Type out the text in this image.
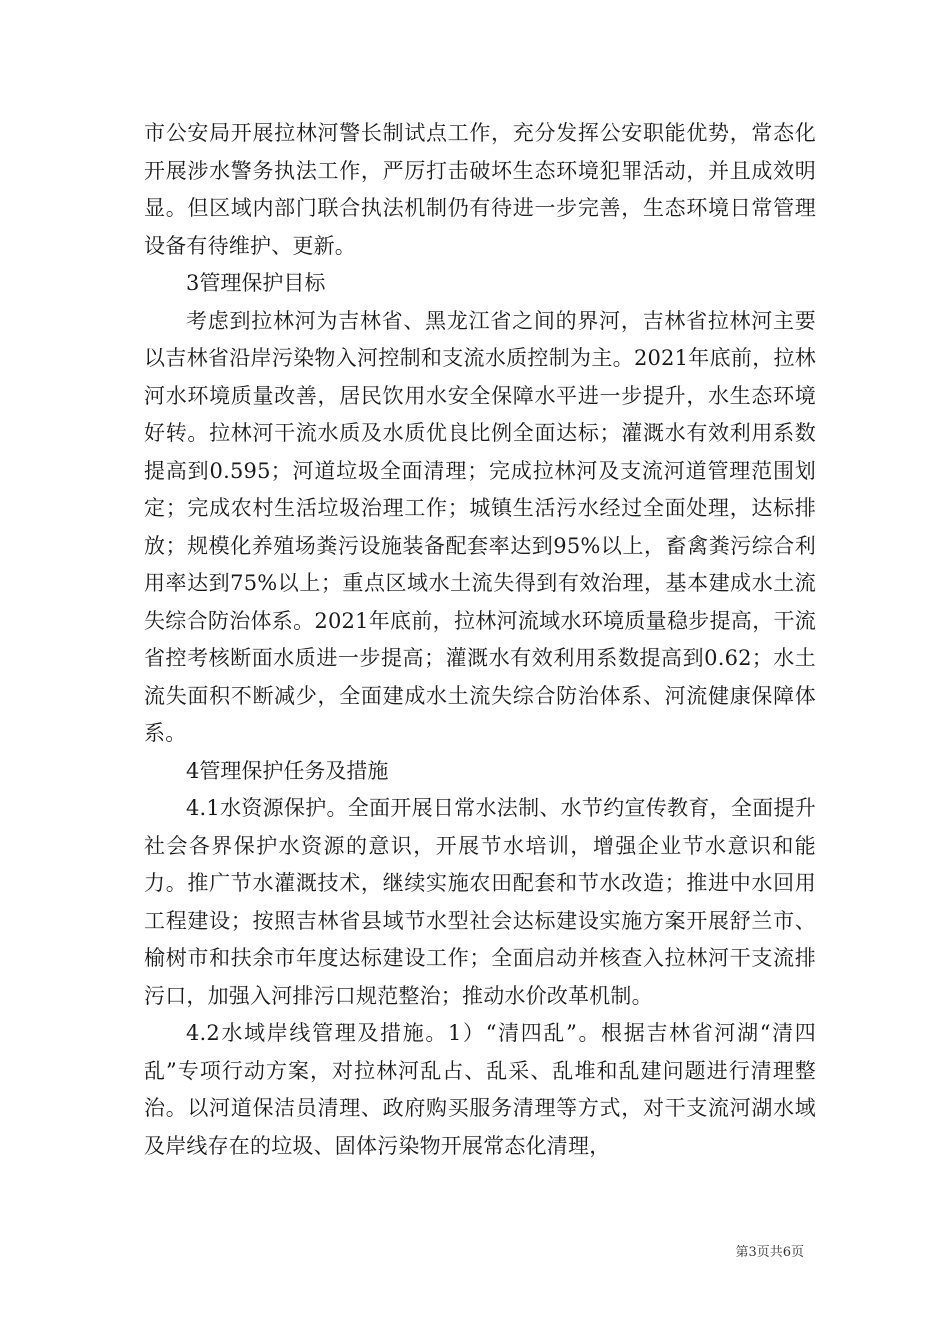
市公安局开展拉林河警长制试点工作，充分发挥公安职能优势，常态化开展涉水警务执法工作，严厉打击破坏生态环境犯罪活动，并且成效明显。但区域内部门联合执法机制仍有待进一步完善，生态环境日常管理设备有待维护、更新。

3管理保护目标

考虑到拉林河为吉林省、黑龙江省之间的界河，吉林省拉林河主要以吉林省沿岸污染物入河控制和支流水质控制为主。2021年底前，拉林河水环境质量改善，居民饮用水安全保障水平进一步提升，水生态环境好转。拉林河干流水质及水质优良比例全面达标；灌溉水有效利用系数提高到0.595；河道垃圾全面清理；完成拉林河及支流河道管理范围划定；完成农村生活垃圾治理工作；城镇生活污水经过全面处理，达标排放；规模化养殖场粪污设施装备配套率达到95%以上，畜禽粪污综合利用率达到75%以上；重点区域水土流失得到有效治理，基本建成水土流失综合防治体系。2021年底前，拉林河流域水环境质量稳步提高，干流省控考核断面水质进一步提高；灌溉水有效利用系数提高到0.62；水土流失面积不断减少，全面建成水土流失综合防治体系、河流健康保障体系。

4管理保护任务及措施

4.1水资源保护。全面开展日常水法制、水节约宣传教育，全面提升社会各界保护水资源的意识，开展节水培训，增强企业节水意识和能力。推广节水灌溉技术，继续实施农田配套和节水改造；推进中水回用工程建设；按照吉林省县域节水型社会达标建设实施方案开展舒兰市、榆树市和扶余市年度达标建设工作；全面启动并核查入拉林河干支流排污口，加强入河排污口规范整治；推动水价改革机制。

4.2水域岸线管理及措施。1）“清四乱”。根据吉林省河湖“清四乱”专项行动方案，对拉林河乱占、乱采、乱堆和乱建问题进行清理整治。以河道保洁员清理、政府购买服务清理等方式，对干支流河湖水域及岸线存在的垃圾、固体污染物开展常态化清理，

第3页共6页
